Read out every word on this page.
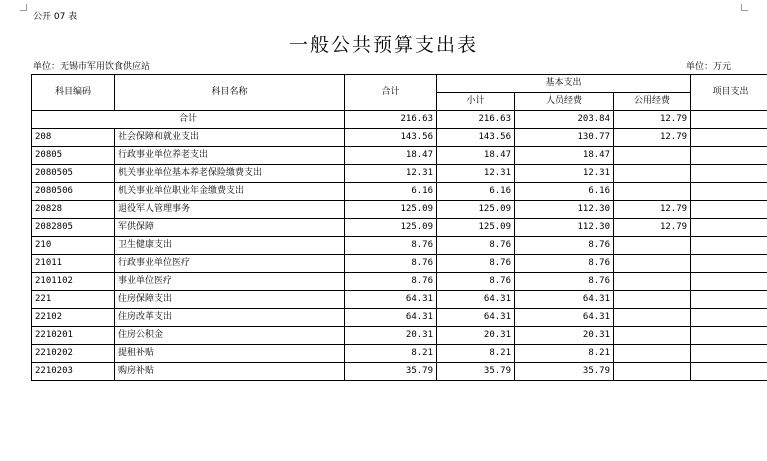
公开 07 表
一般公共预算支出表
单位：无锡市军用饮食供应站	单位：万元
科目编码	科目名称	合计	基本支出			项目支出
			小计	人员经费	公用经费	
合计		216.63	216.63	203.84	12.79	
208	社会保障和就业支出	143.56	143.56	130.77	12.79	
20805	行政事业单位养老支出	18.47	18.47	18.47		
2080505	机关事业单位基本养老保险缴费支出	12.31	12.31	12.31		
2080506	机关事业单位职业年金缴费支出	6.16	6.16	6.16		
20828	退役军人管理事务	125.09	125.09	112.30	12.79	
2082805	军供保障	125.09	125.09	112.30	12.79	
210	卫生健康支出	8.76	8.76	8.76		
21011	行政事业单位医疗	8.76	8.76	8.76		
2101102	事业单位医疗	8.76	8.76	8.76		
221	住房保障支出	64.31	64.31	64.31		
22102	住房改革支出	64.31	64.31	64.31		
2210201	住房公积金	20.31	20.31	20.31		
2210202	提租补贴	8.21	8.21	8.21		
2210203	购房补贴	35.79	35.79	35.79		
